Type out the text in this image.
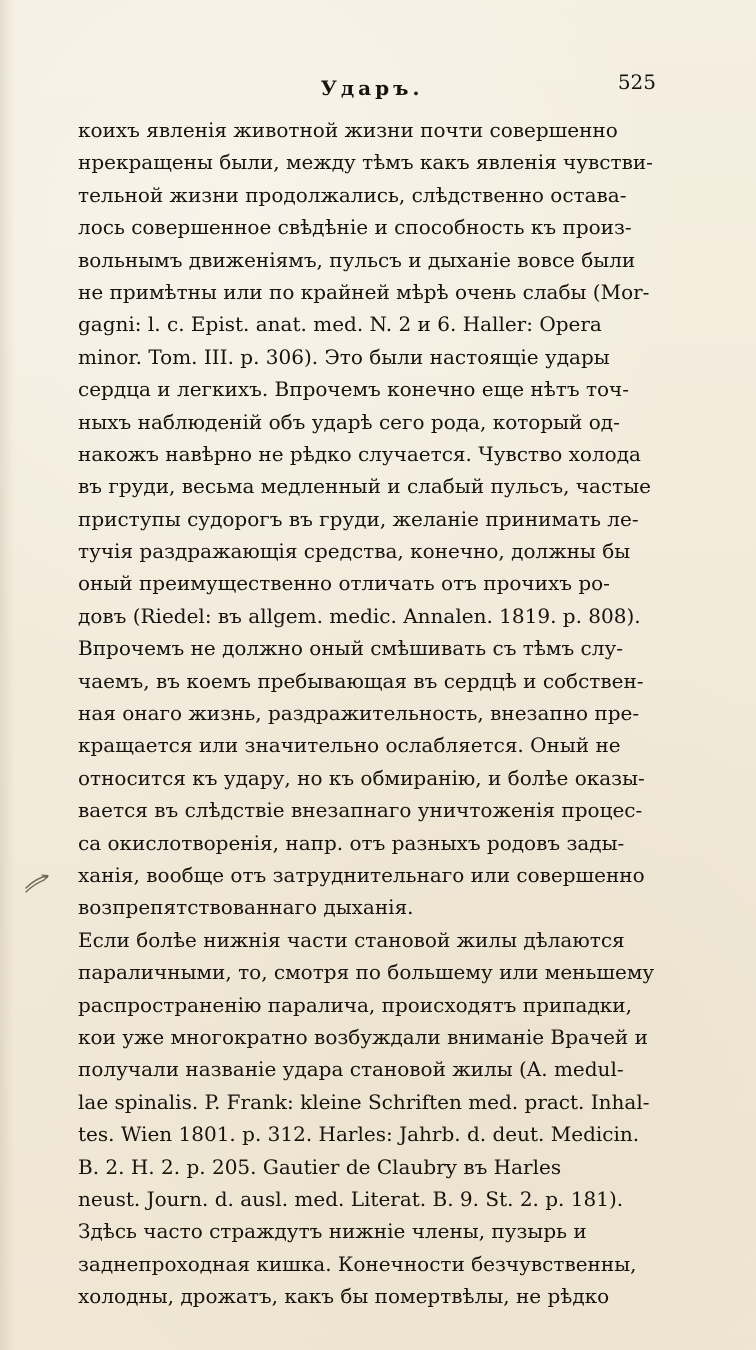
Ударъ.	525
коихъ явленія животной жизни почти совершенно
нрекращены были, между тѣмъ какъ явленія чувстви-
тельной жизни продолжались, слѣдственно остава-
лось совершенное свѣдѣніе и способность къ произ-
вольнымъ движеніямъ, пульсъ и дыханіе вовсе были
не примѣтны или по крайней мѣрѣ очень слабы (Mor-
gagni: l. c. Epist. anat. med. N. 2 и 6. Haller: Opera
minor. Tom. III. p. 306). Это были настоящіе удары
сердца и легкихъ. Впрочемъ конечно еще нѣтъ точ-
ныхъ наблюденій объ ударѣ сего рода, который од-
накожъ навѣрно не рѣдко случается. Чувство холода
въ груди, весьма медленный и слабый пульсъ, частые
приступы судорогъ въ груди, желаніе принимать ле-
тучія раздражающія средства, конечно, должны бы
оный преимущественно отличать отъ прочихъ ро-
довъ (Riedel: въ allgem. medic. Annalen. 1819. p. 808).
Впрочемъ не должно оный смѣшивать съ тѣмъ слу-
чаемъ, въ коемъ пребывающая въ сердцѣ и собствен-
ная онаго жизнь, раздражительность, внезапно пре-
кращается или значительно ослабляется. Оный не
относится къ удару, но къ обмиранію, и болѣе оказы-
вается въ слѣдствіе внезапнаго уничтоженія процес-
са окислотворенія, напр. отъ разныхъ родовъ зады-
ханія, вообще отъ затруднительнаго или совершенно
возпрепятствованнаго дыханія.
Если болѣе нижнія части становой жилы дѣлаются
параличными, то, смотря по большему или меньшему
распространенію паралича, происходятъ припадки,
кои уже многократно возбуждали вниманіе Врачей и
получали названіе удара становой жилы (A. medul-
lae spinalis. P. Frank: kleine Schriften med. pract. Inhal-
tes. Wien 1801. p. 312. Harles: Jahrb. d. deut. Medicin.
B. 2. H. 2. p. 205. Gautier de Claubry въ Harles
neust. Journ. d. ausl. med. Literat. B. 9. St. 2. p. 181).
Здѣсь часто страждутъ нижніе члены, пузырь и
заднепроходная кишка. Конечности безчувственны,
холодны, дрожатъ, какъ бы помертвѣлы, не рѣдко
